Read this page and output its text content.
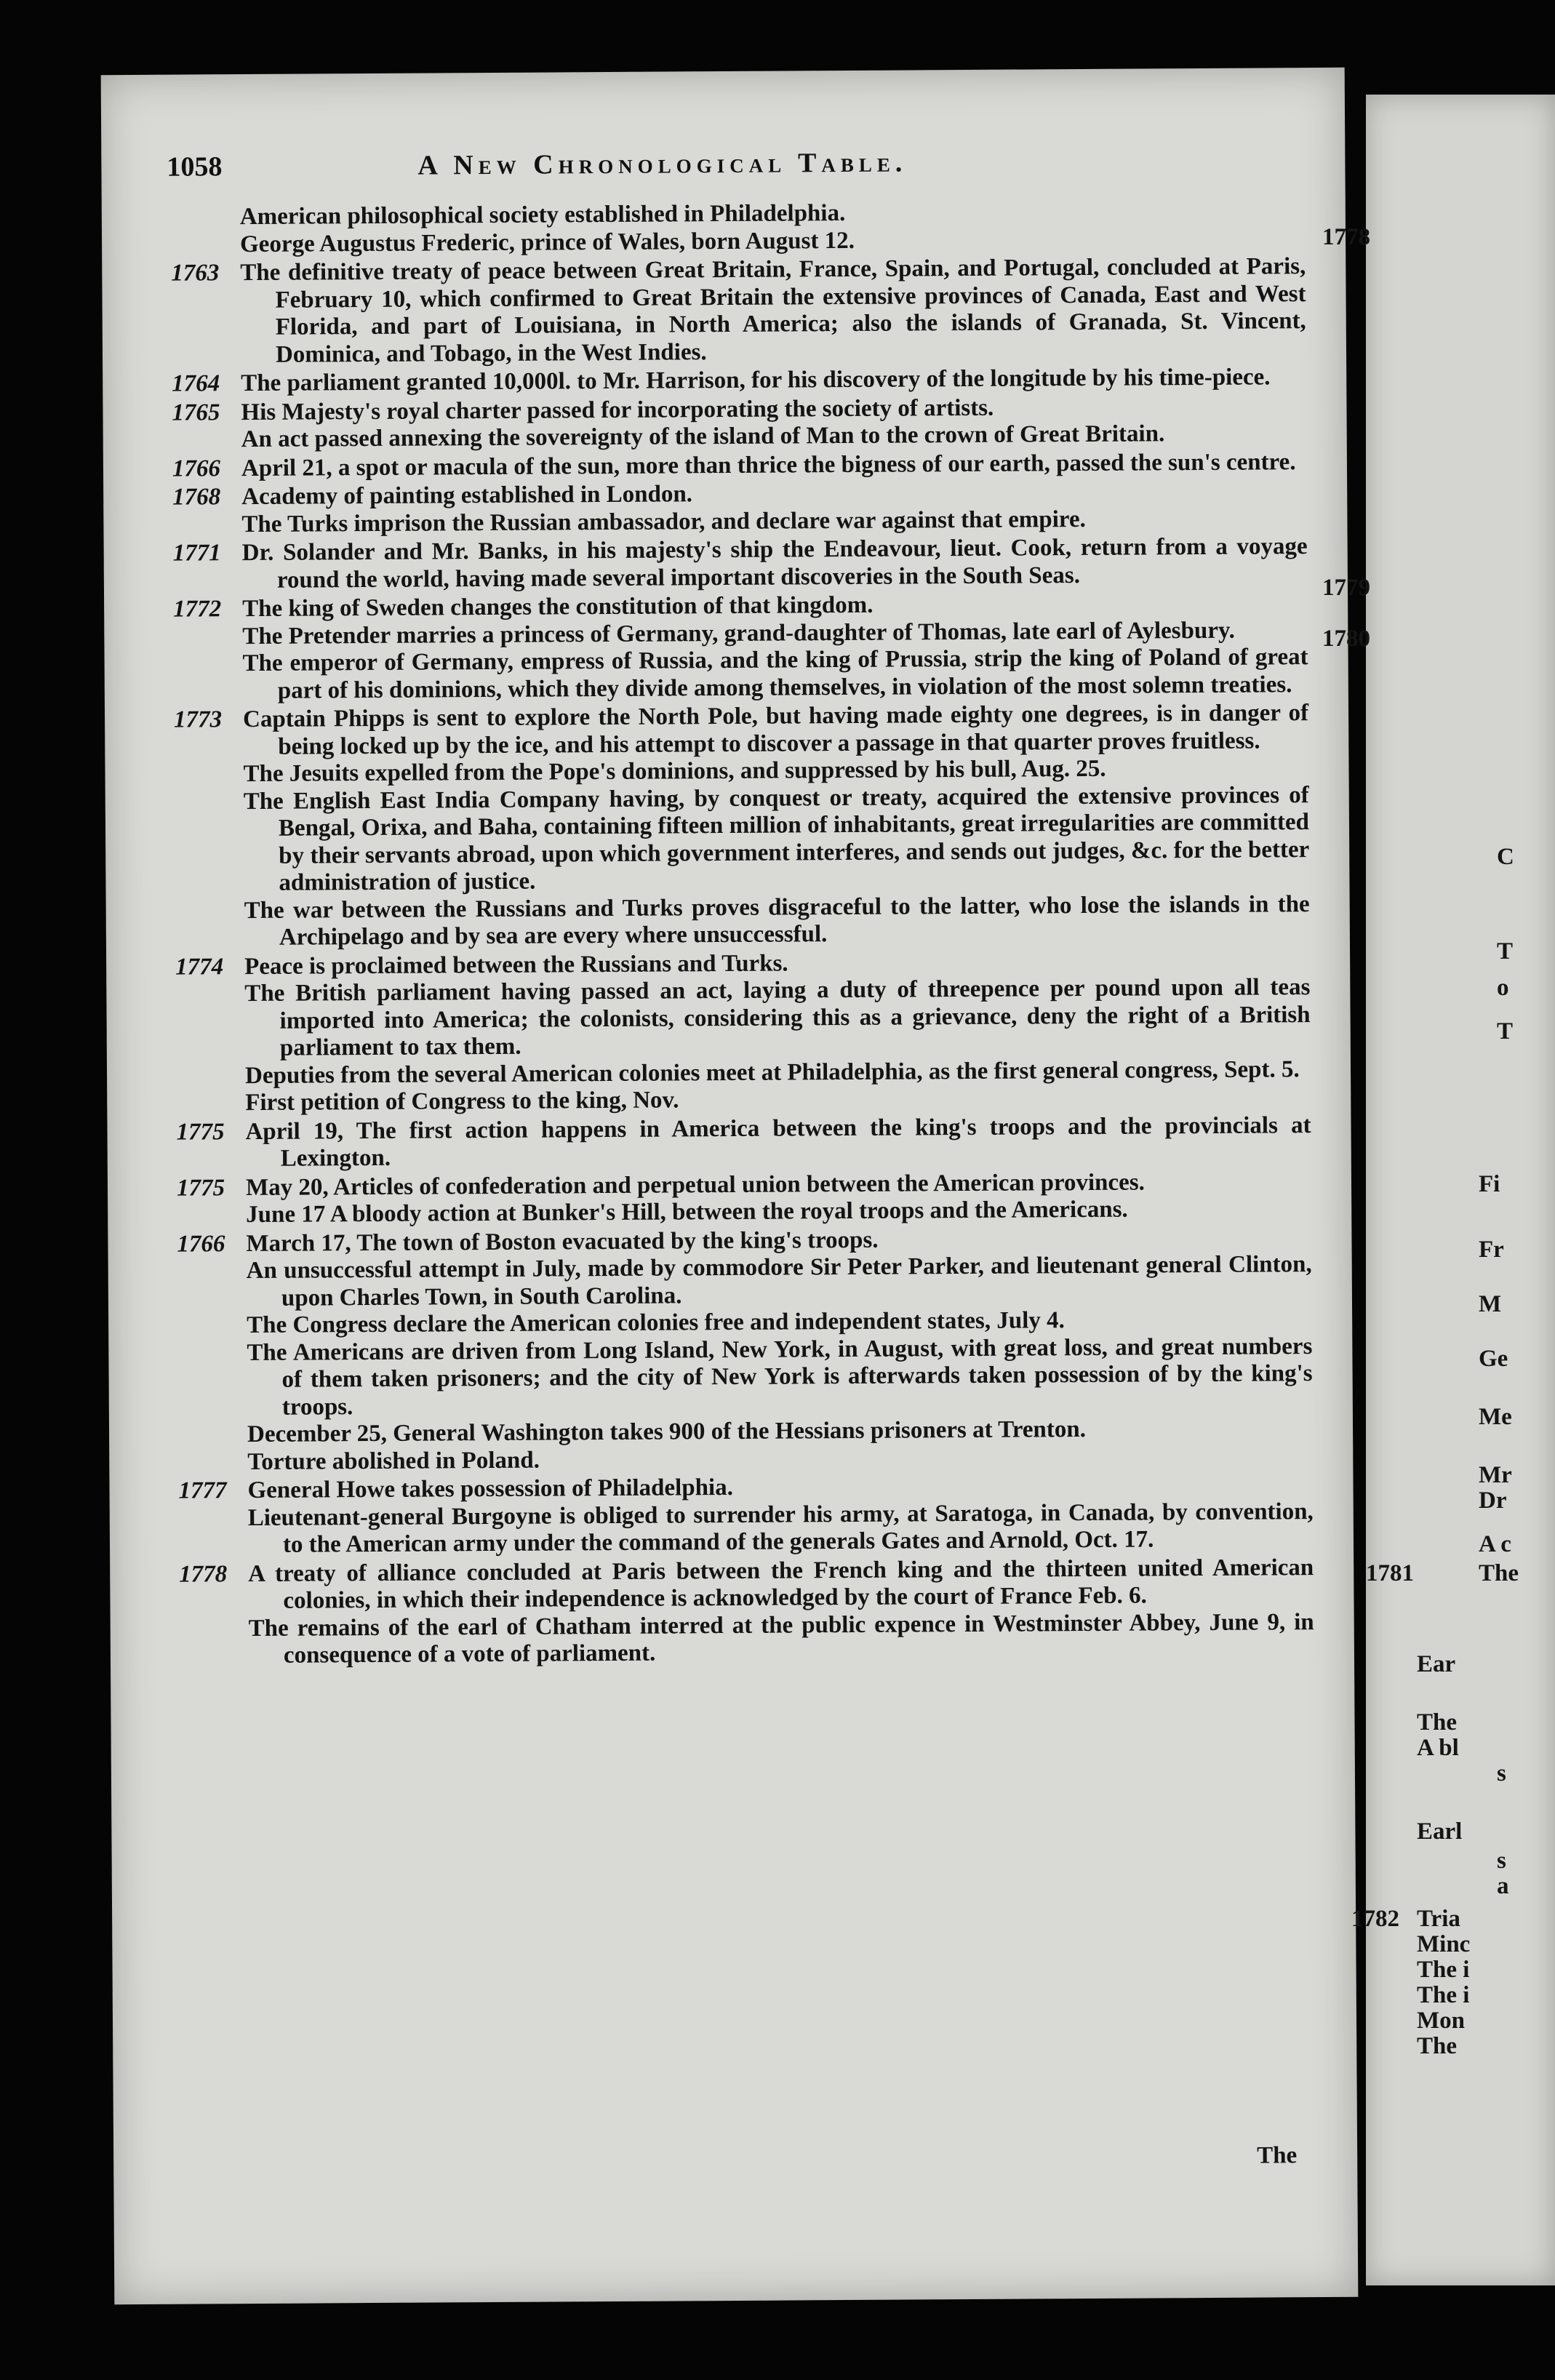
1058	A New Chronological Table.
American philosophical society established in Philadelphia.
George Augustus Frederic, prince of Wales, born August 12.
1763 The definitive treaty of peace between Great Britain, France, Spain, and Portugal, concluded at Paris, February 10, which confirmed to Great Britain the extensive provinces of Canada, East and West Florida, and part of Louisiana, in North America; also the islands of Granada, St. Vincent, Dominica, and Tobago, in the West Indies.
1764 The parliament granted 10,000l. to Mr. Harrison, for his discovery of the longitude by his time-piece.
1765 His Majesty's royal charter passed for incorporating the society of artists.
An act passed annexing the sovereignty of the island of Man to the crown of Great Britain.
1766 April 21, a spot or macula of the sun, more than thrice the bigness of our earth, passed the sun's centre.
1768 Academy of painting established in London.
The Turks imprison the Russian ambassador, and declare war against that empire.
1771 Dr. Solander and Mr. Banks, in his majesty's ship the Endeavour, lieut. Cook, return from a voyage round the world, having made several important discoveries in the South Seas.
1772 The king of Sweden changes the constitution of that kingdom.
The Pretender marries a princess of Germany, grand-daughter of Thomas, late earl of Aylesbury.
The emperor of Germany, empress of Russia, and the king of Prussia, strip the king of Poland of great part of his dominions, which they divide among themselves, in violation of the most solemn treaties.
1773 Captain Phipps is sent to explore the North Pole, but having made eighty one degrees, is in danger of being locked up by the ice, and his attempt to discover a passage in that quarter proves fruitless.
The Jesuits expelled from the Pope's dominions, and suppressed by his bull, Aug. 25.
The English East India Company having, by conquest or treaty, acquired the extensive provinces of Bengal, Orixa, and Baha, containing fifteen million of inhabitants, great irregularities are committed by their servants abroad, upon which government interferes, and sends out judges, &c. for the better administration of justice.
The war between the Russians and Turks proves disgraceful to the latter, who lose the islands in the Archipelago and by sea are every where unsuccessful.
1774 Peace is proclaimed between the Russians and Turks.
The British parliament having passed an act, laying a duty of threepence per pound upon all teas imported into America; the colonists, considering this as a grievance, deny the right of a British parliament to tax them.
Deputies from the several American colonies meet at Philadelphia, as the first general congress, Sept. 5.
First petition of Congress to the king, Nov.
1775 April 19, The first action happens in America between the king's troops and the provincials at Lexington.
1775 May 20, Articles of confederation and perpetual union between the American provinces.
June 17 A bloody action at Bunker's Hill, between the royal troops and the Americans.
1766 March 17, The town of Boston evacuated by the king's troops.
An unsuccessful attempt in July, made by commodore Sir Peter Parker, and lieutenant general Clinton, upon Charles Town, in South Carolina.
The Congress declare the American colonies free and independent states, July 4.
The Americans are driven from Long Island, New York, in August, with great loss, and great numbers of them taken prisoners; and the city of New York is afterwards taken possession of by the king's troops.
December 25, General Washington takes 900 of the Hessians prisoners at Trenton.
Torture abolished in Poland.
1777 General Howe takes possession of Philadelphia.
Lieutenant-general Burgoyne is obliged to surrender his army, at Saratoga, in Canada, by convention, to the American army under the command of the generals Gates and Arnold, Oct. 17.
1778 A treaty of alliance concluded at Paris between the French king and the thirteen united American colonies, in which their independence is acknowledged by the court of France Feb. 6.
The remains of the earl of Chatham interred at the public expence in Westminster Abbey, June 9, in consequence of a vote of parliament.
The
1778
1779
1780
C
T
o
T
Fi
Fr
M
Ge
Me
Mr
Dr
A c
1781	The
Ear
The
A bl
s
Earl
s
a
1782 Tria
Minc
The i
The i
Mon
The
